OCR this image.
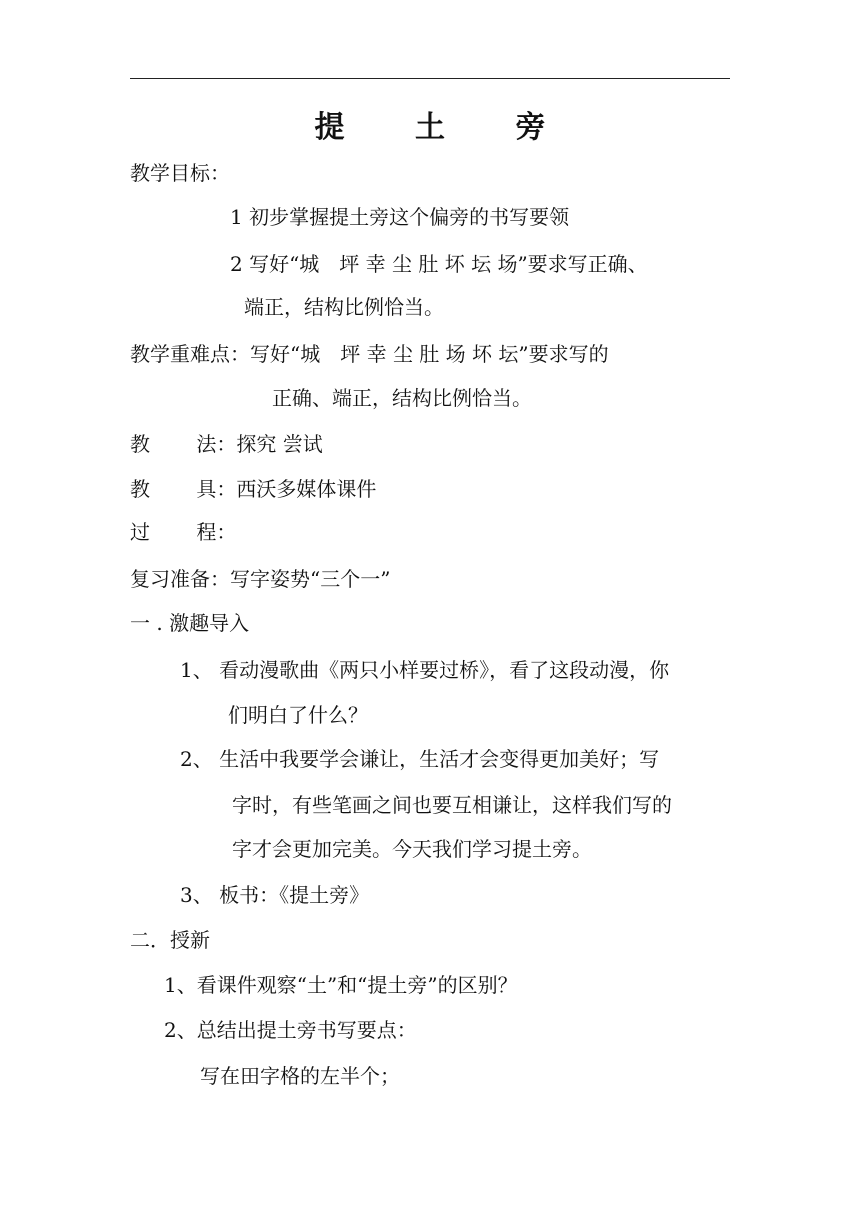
提 土 旁
教学目标：
1 初步掌握提土旁这个偏旁的书写要领
2 写好“城　坪 幸 尘 肚 坏 坛 场”要求写正确、
端正，结构比例恰当。
教学重难点：写好“城　坪 幸 尘 肚 场 坏 坛”要求写的
正确、端正，结构比例恰当。
教　　 法：探究 尝试
教　　 具：西沃多媒体课件
过　　 程：
复习准备：写字姿势“三个一”
一 . 激趣导入
1、 看动漫歌曲《两只小样要过桥》，看了这段动漫，你
们明白了什么？
2、 生活中我要学会谦让，生活才会变得更加美好；写
字时，有些笔画之间也要互相谦让，这样我们写的
字才会更加完美。今天我们学习提土旁。
3、 板书：《提土旁》
二．授新
1、看课件观察“土”和“提土旁”的区别？
2、总结出提土旁书写要点：
写在田字格的左半个；
